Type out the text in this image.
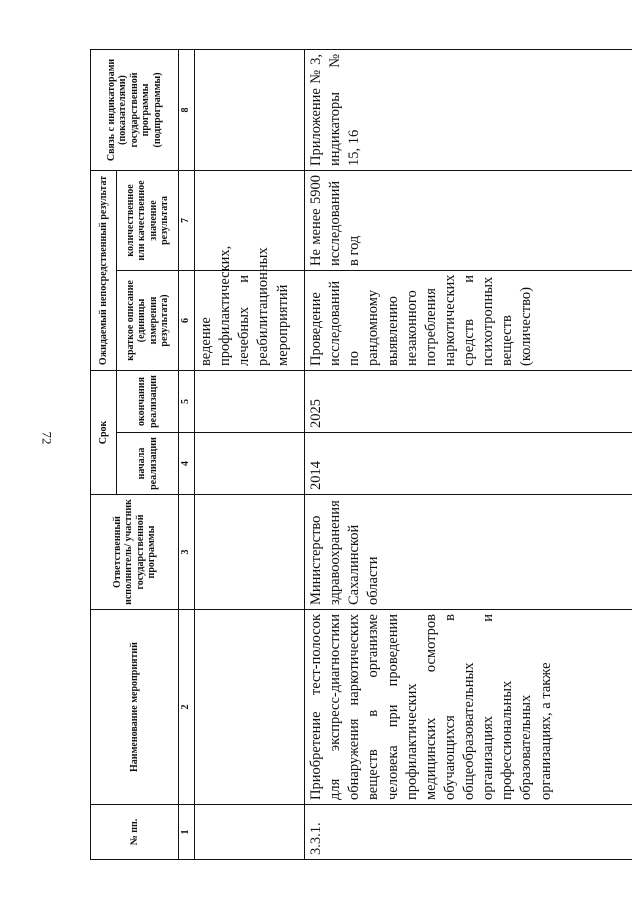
72
№ пп.	Наименование мероприятий	Ответственный исполнитель/ участник государственной программы	Срок		Ожидаемый непосредственный результат		Связь с индикаторами (показателями) государственной программы (подпрограммы)
			начала реализации	окончания реализации	краткое описание (единицы измерения результата)	количественное или качественное значение результата	
1	2	3	4	5	6	7	8
					ведение профилактических, лечебных и реабилитационных мероприятий		
3.3.1.	Приобретение тест-полосок для экспресс-диагностики обнаружения наркотических веществ в организме человека при проведении профилактических медицинских осмотров обучающихся в общеобразовательных организациях и профессиональных образовательных организациях, а также	Министерство здравоохранения Сахалинской области	2014	2025	Проведение исследований по рандомному выявлению незаконного потребления наркотических средств и психотропных веществ (количество)	Не менее 5900 исследований в год	Приложение № 3, индикаторы № 15, 16
